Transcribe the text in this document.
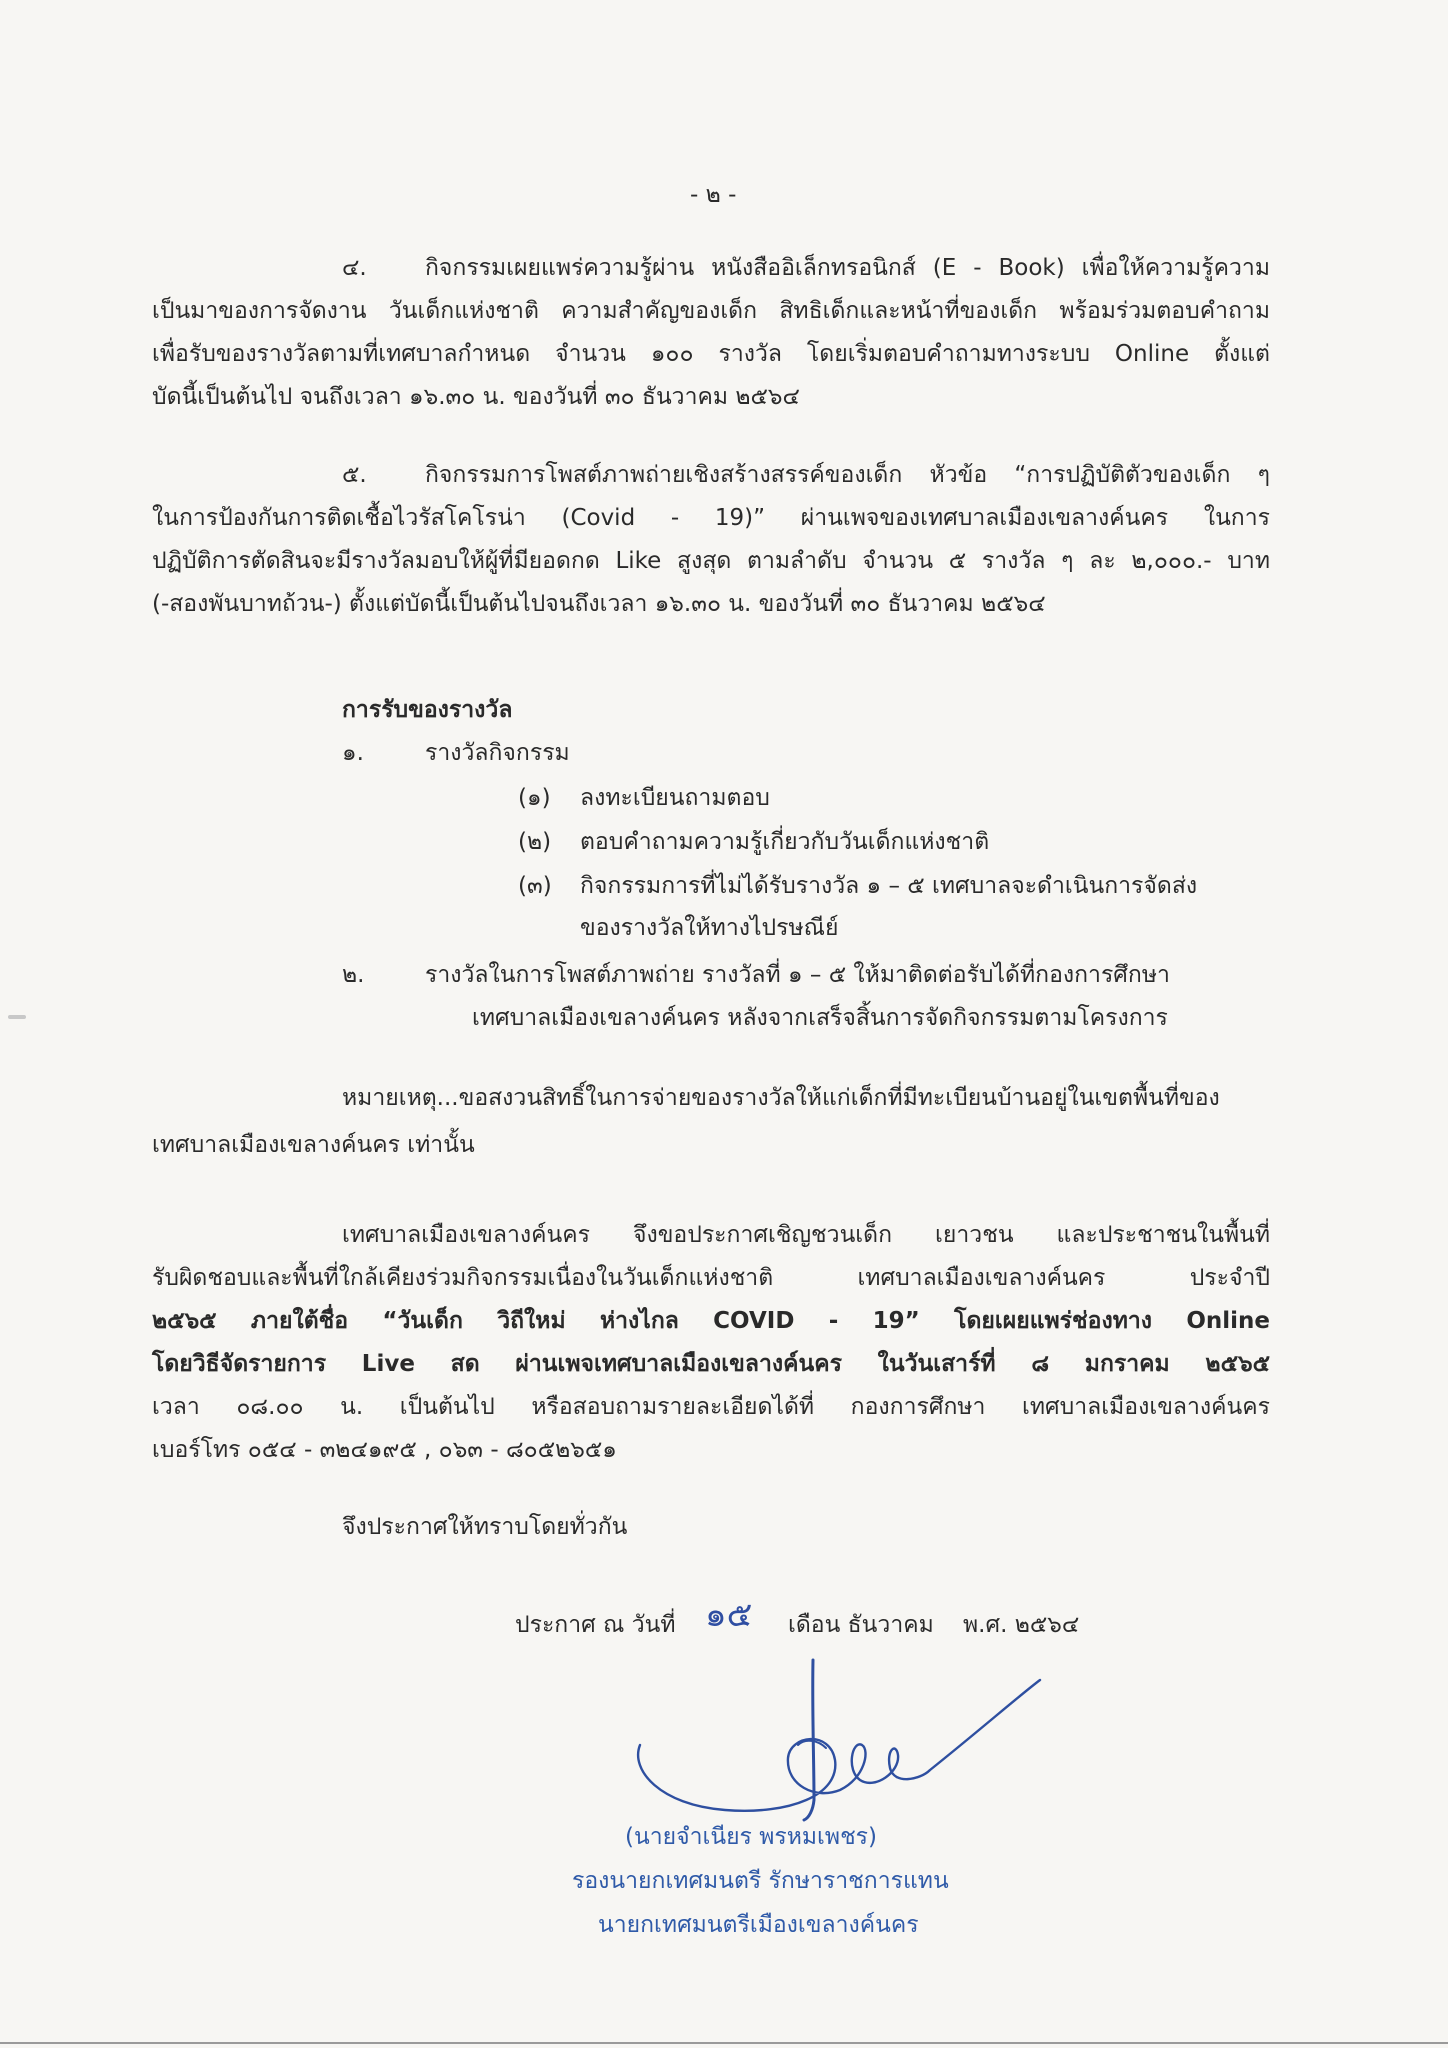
- ๒ -

๔.	กิจกรรมเผยแพร่ความรู้ผ่าน หนังสืออิเล็กทรอนิกส์ (E - Book) เพื่อให้ความรู้ความ

เป็นมาของการจัดงาน วันเด็กแห่งชาติ ความสำคัญของเด็ก สิทธิเด็กและหน้าที่ของเด็ก พร้อมร่วมตอบคำถาม

เพื่อรับของรางวัลตามที่เทศบาลกำหนด จำนวน ๑๐๐ รางวัล โดยเริ่มตอบคำถามทางระบบ Online ตั้งแต่

บัดนี้เป็นต้นไป จนถึงเวลา ๑๖.๓๐ น. ของวันที่ ๓๐ ธันวาคม ๒๕๖๔

๕.	กิจกรรมการโพสต์ภาพถ่ายเชิงสร้างสรรค์ของเด็ก หัวข้อ “การปฏิบัติตัวของเด็ก ๆ

ในการป้องกันการติดเชื้อไวรัสโคโรน่า (Covid - 19)” ผ่านเพจของเทศบาลเมืองเขลางค์นคร ในการ

ปฏิบัติการตัดสินจะมีรางวัลมอบให้ผู้ที่มียอดกด Like สูงสุด ตามลำดับ จำนวน ๕ รางวัล ๆ ละ ๒,๐๐๐.- บาท

(-สองพันบาทถ้วน-) ตั้งแต่บัดนี้เป็นต้นไปจนถึงเวลา ๑๖.๓๐ น. ของวันที่ ๓๐ ธันวาคม ๒๕๖๔

การรับของรางวัล

๑.	รางวัลกิจกรรม

(๑) ลงทะเบียนถามตอบ

(๒) ตอบคำถามความรู้เกี่ยวกับวันเด็กแห่งชาติ

(๓) กิจกรรมการที่ไม่ได้รับรางวัล ๑ – ๕ เทศบาลจะดำเนินการจัดส่ง

ของรางวัลให้ทางไปรษณีย์

๒.	รางวัลในการโพสต์ภาพถ่าย รางวัลที่ ๑ – ๕ ให้มาติดต่อรับได้ที่กองการศึกษา

เทศบาลเมืองเขลางค์นคร หลังจากเสร็จสิ้นการจัดกิจกรรมตามโครงการ

หมายเหตุ...ขอสงวนสิทธิ์ในการจ่ายของรางวัลให้แก่เด็กที่มีทะเบียนบ้านอยู่ในเขตพื้นที่ของ

เทศบาลเมืองเขลางค์นคร เท่านั้น

เทศบาลเมืองเขลางค์นคร จึงขอประกาศเชิญชวนเด็ก เยาวชน และประชาชนในพื้นที่

รับผิดชอบและพื้นที่ใกล้เคียงร่วมกิจกรรมเนื่องในวันเด็กแห่งชาติ เทศบาลเมืองเขลางค์นคร ประจำปี

๒๕๖๕ ภายใต้ชื่อ “วันเด็ก วิถีใหม่ ห่างไกล COVID - 19” โดยเผยแพร่ช่องทาง Online

โดยวิธีจัดรายการ Live สด ผ่านเพจเทศบาลเมืองเขลางค์นคร ในวันเสาร์ที่ ๘ มกราคม ๒๕๖๕

เวลา ๐๘.๐๐ น. เป็นต้นไป หรือสอบถามรายละเอียดได้ที่ กองการศึกษา เทศบาลเมืองเขลางค์นคร

เบอร์โทร ๐๕๔ - ๓๒๔๑๙๕ , ๐๖๓ - ๘๐๕๒๖๕๑

จึงประกาศให้ทราบโดยทั่วกัน

ประกาศ ณ วันที่ ๑๕ เดือน ธันวาคม พ.ศ. ๒๕๖๔

(นายจำเนียร พรหมเพชร)

รองนายกเทศมนตรี รักษาราชการแทน

นายกเทศมนตรีเมืองเขลางค์นคร
